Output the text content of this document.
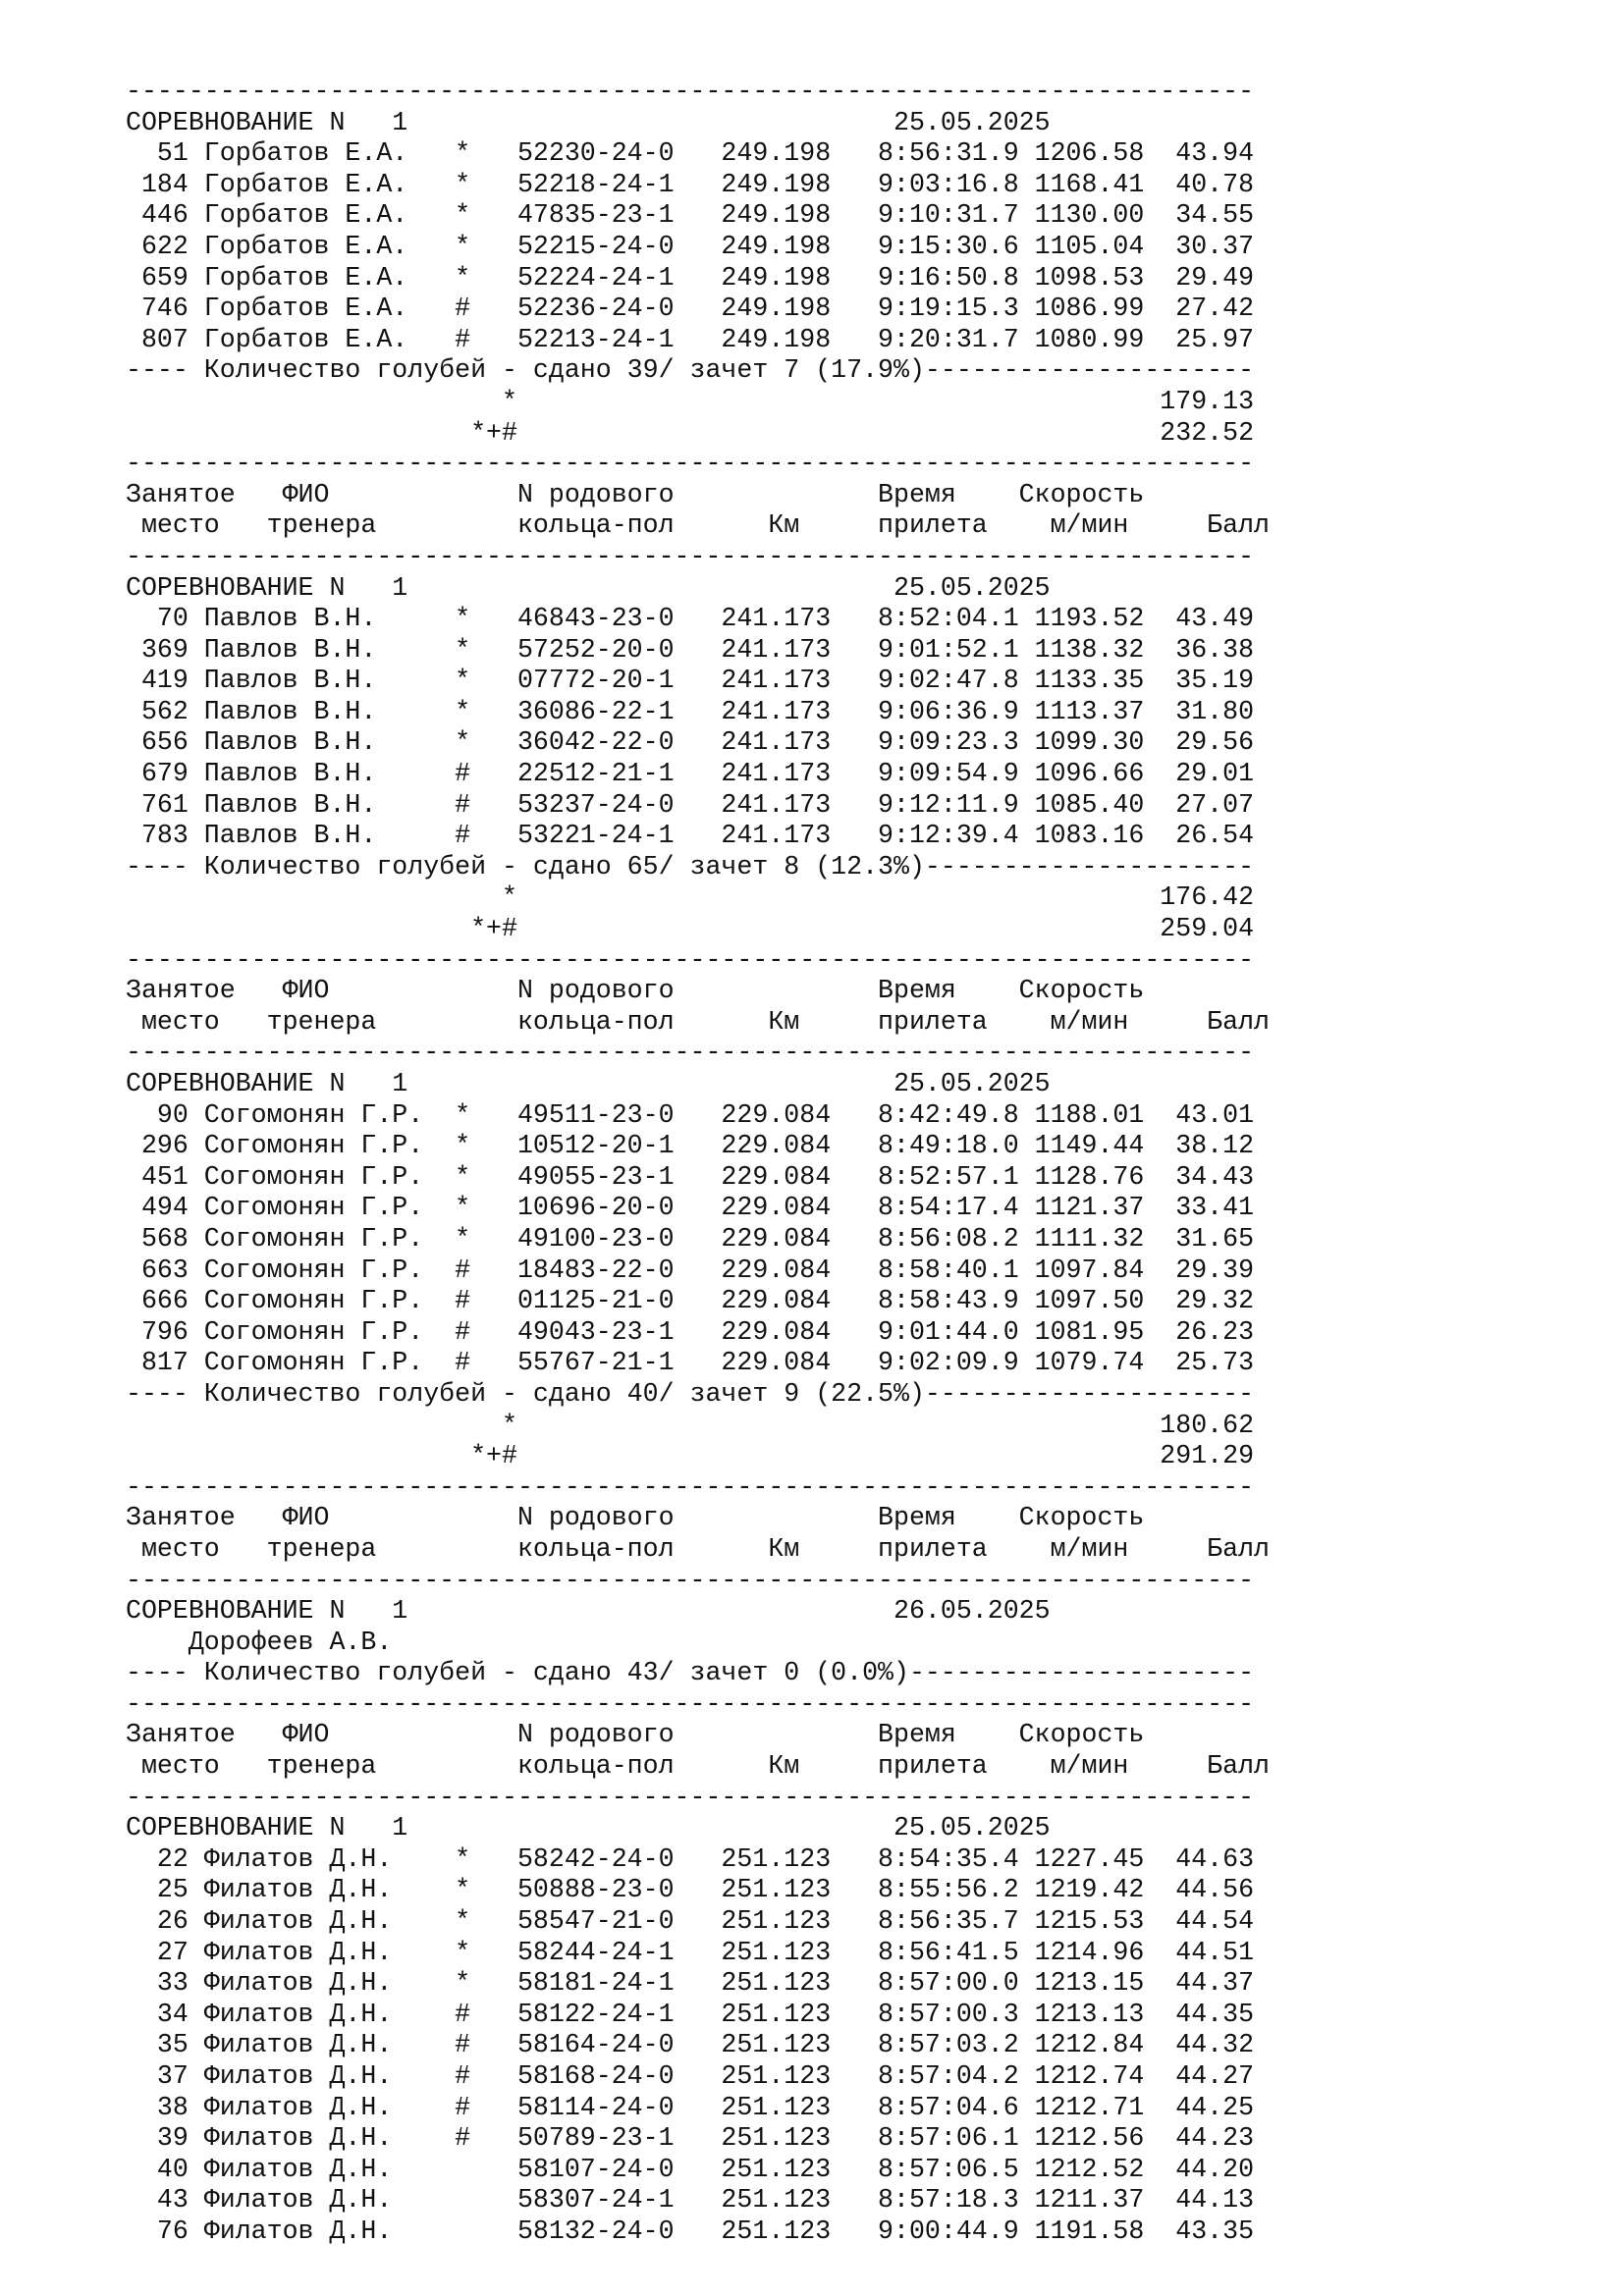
------------------------------------------------------------------------
СОРЕВНОВАНИЕ N   1                               25.05.2025
51 Горбатов Е.А.   *   52230-24-0   249.198   8:56:31.9 1206.58  43.94
184 Горбатов Е.А.   *   52218-24-1   249.198   9:03:16.8 1168.41  40.78
446 Горбатов Е.А.   *   47835-23-1   249.198   9:10:31.7 1130.00  34.55
622 Горбатов Е.А.   *   52215-24-0   249.198   9:15:30.6 1105.04  30.37
659 Горбатов Е.А.   *   52224-24-1   249.198   9:16:50.8 1098.53  29.49
746 Горбатов Е.А.   #   52236-24-0   249.198   9:19:15.3 1086.99  27.42
807 Горбатов Е.А.   #   52213-24-1   249.198   9:20:31.7 1080.99  25.97
---- Количество голубей - сдано 39/ зачет 7 (17.9%)---------------------
*                                         179.13
*+#                                         232.52
------------------------------------------------------------------------
Занятое   ФИО            N родового             Время    Скорость
место   тренера         кольца-пол      Км     прилета    м/мин     Балл
------------------------------------------------------------------------
СОРЕВНОВАНИЕ N   1                               25.05.2025
70 Павлов В.Н.     *   46843-23-0   241.173   8:52:04.1 1193.52  43.49
369 Павлов В.Н.     *   57252-20-0   241.173   9:01:52.1 1138.32  36.38
419 Павлов В.Н.     *   07772-20-1   241.173   9:02:47.8 1133.35  35.19
562 Павлов В.Н.     *   36086-22-1   241.173   9:06:36.9 1113.37  31.80
656 Павлов В.Н.     *   36042-22-0   241.173   9:09:23.3 1099.30  29.56
679 Павлов В.Н.     #   22512-21-1   241.173   9:09:54.9 1096.66  29.01
761 Павлов В.Н.     #   53237-24-0   241.173   9:12:11.9 1085.40  27.07
783 Павлов В.Н.     #   53221-24-1   241.173   9:12:39.4 1083.16  26.54
---- Количество голубей - сдано 65/ зачет 8 (12.3%)---------------------
*                                         176.42
*+#                                         259.04
------------------------------------------------------------------------
Занятое   ФИО            N родового             Время    Скорость
место   тренера         кольца-пол      Км     прилета    м/мин     Балл
------------------------------------------------------------------------
СОРЕВНОВАНИЕ N   1                               25.05.2025
90 Согомонян Г.Р.  *   49511-23-0   229.084   8:42:49.8 1188.01  43.01
296 Согомонян Г.Р.  *   10512-20-1   229.084   8:49:18.0 1149.44  38.12
451 Согомонян Г.Р.  *   49055-23-1   229.084   8:52:57.1 1128.76  34.43
494 Согомонян Г.Р.  *   10696-20-0   229.084   8:54:17.4 1121.37  33.41
568 Согомонян Г.Р.  *   49100-23-0   229.084   8:56:08.2 1111.32  31.65
663 Согомонян Г.Р.  #   18483-22-0   229.084   8:58:40.1 1097.84  29.39
666 Согомонян Г.Р.  #   01125-21-0   229.084   8:58:43.9 1097.50  29.32
796 Согомонян Г.Р.  #   49043-23-1   229.084   9:01:44.0 1081.95  26.23
817 Согомонян Г.Р.  #   55767-21-1   229.084   9:02:09.9 1079.74  25.73
---- Количество голубей - сдано 40/ зачет 9 (22.5%)---------------------
*                                         180.62
*+#                                         291.29
------------------------------------------------------------------------
Занятое   ФИО            N родового             Время    Скорость
место   тренера         кольца-пол      Км     прилета    м/мин     Балл
------------------------------------------------------------------------
СОРЕВНОВАНИЕ N   1                               26.05.2025
Дорофеев А.В.
---- Количество голубей - сдано 43/ зачет 0 (0.0%)----------------------
------------------------------------------------------------------------
Занятое   ФИО            N родового             Время    Скорость
место   тренера         кольца-пол      Км     прилета    м/мин     Балл
------------------------------------------------------------------------
СОРЕВНОВАНИЕ N   1                               25.05.2025
22 Филатов Д.Н.    *   58242-24-0   251.123   8:54:35.4 1227.45  44.63
25 Филатов Д.Н.    *   50888-23-0   251.123   8:55:56.2 1219.42  44.56
26 Филатов Д.Н.    *   58547-21-0   251.123   8:56:35.7 1215.53  44.54
27 Филатов Д.Н.    *   58244-24-1   251.123   8:56:41.5 1214.96  44.51
33 Филатов Д.Н.    *   58181-24-1   251.123   8:57:00.0 1213.15  44.37
34 Филатов Д.Н.    #   58122-24-1   251.123   8:57:00.3 1213.13  44.35
35 Филатов Д.Н.    #   58164-24-0   251.123   8:57:03.2 1212.84  44.32
37 Филатов Д.Н.    #   58168-24-0   251.123   8:57:04.2 1212.74  44.27
38 Филатов Д.Н.    #   58114-24-0   251.123   8:57:04.6 1212.71  44.25
39 Филатов Д.Н.    #   50789-23-1   251.123   8:57:06.1 1212.56  44.23
40 Филатов Д.Н.        58107-24-0   251.123   8:57:06.5 1212.52  44.20
43 Филатов Д.Н.        58307-24-1   251.123   8:57:18.3 1211.37  44.13
76 Филатов Д.Н.        58132-24-0   251.123   9:00:44.9 1191.58  43.35
